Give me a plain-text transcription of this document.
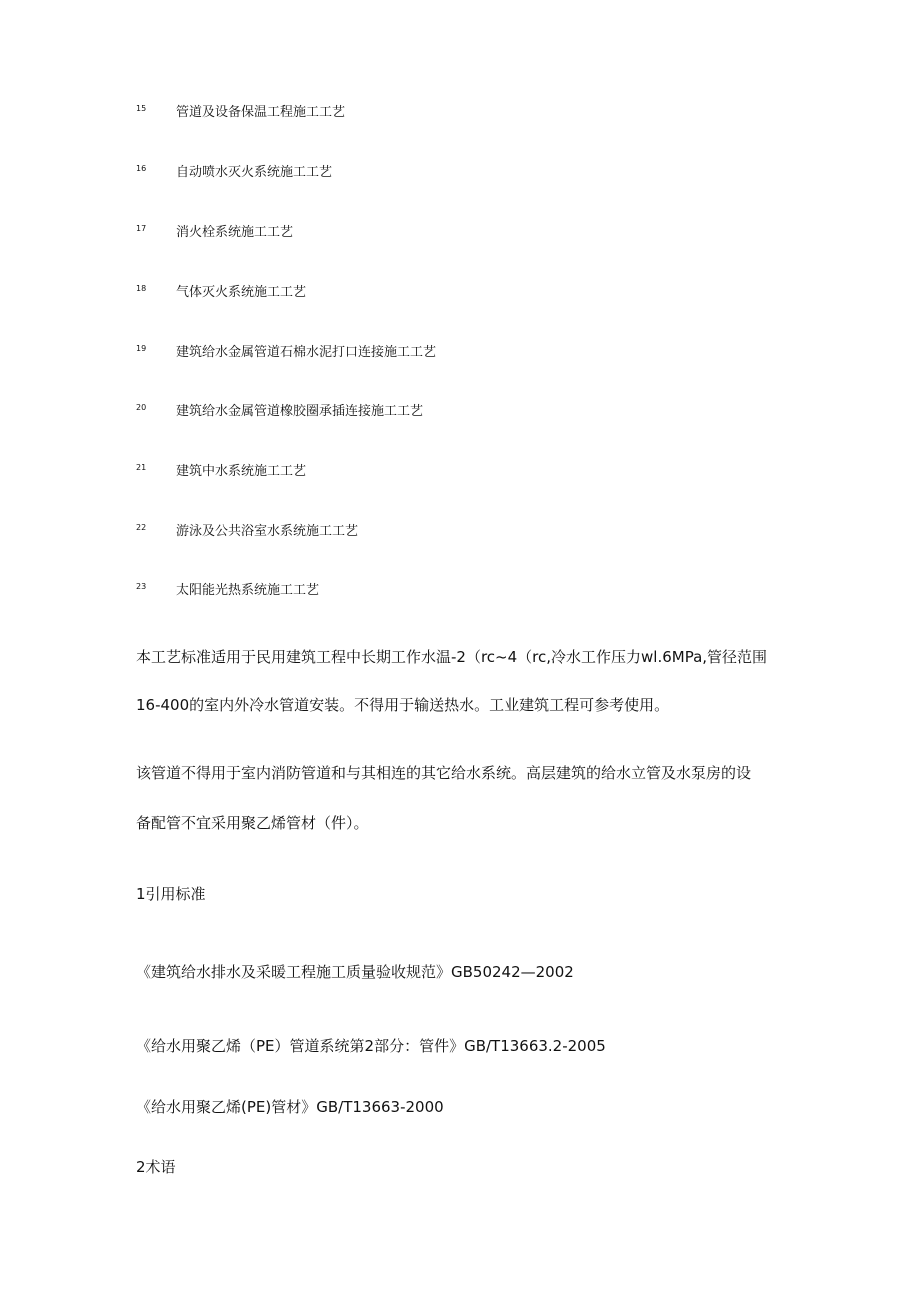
15 管道及设备保温工程施工工艺
16 自动喷水灭火系统施工工艺
17 消火栓系统施工工艺
18 气体灭火系统施工工艺
19 建筑给水金属管道石棉水泥打口连接施工工艺
20 建筑给水金属管道橡胶圈承插连接施工工艺
21 建筑中水系统施工工艺
22 游泳及公共浴室水系统施工工艺
23 太阳能光热系统施工工艺
本工艺标准适用于民用建筑工程中长期工作水温-2（rc~4（rc,冷水工作压力wl.6MPa,管径范围
16-400的室内外冷水管道安装。不得用于输送热水。工业建筑工程可参考使用。
该管道不得用于室内消防管道和与其相连的其它给水系统。高层建筑的给水立管及水泵房的设
备配管不宜采用聚乙烯管材（件）。
1引用标准
《建筑给水排水及采暖工程施工质量验收规范》GB50242—2002
《给水用聚乙烯（PE）管道系统第2部分：管件》GB/T13663.2-2005
《给水用聚乙烯(PE)管材》GB/T13663-2000
2术语
